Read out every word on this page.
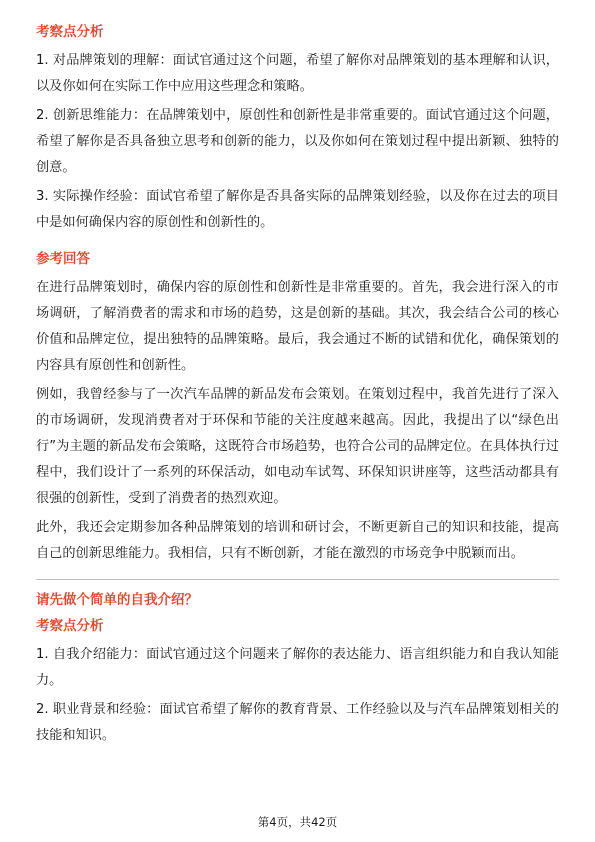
考察点分析
1. 对品牌策划的理解：面试官通过这个问题，希望了解你对品牌策划的基本理解和认识，以及你如何在实际工作中应用这些理念和策略。
2. 创新思维能力：在品牌策划中，原创性和创新性是非常重要的。面试官通过这个问题，希望了解你是否具备独立思考和创新的能力，以及你如何在策划过程中提出新颖、独特的创意。
3. 实际操作经验：面试官希望了解你是否具备实际的品牌策划经验，以及你在过去的项目中是如何确保内容的原创性和创新性的。
参考回答
在进行品牌策划时，确保内容的原创性和创新性是非常重要的。首先，我会进行深入的市场调研，了解消费者的需求和市场的趋势，这是创新的基础。其次，我会结合公司的核心价值和品牌定位，提出独特的品牌策略。最后，我会通过不断的试错和优化，确保策划的内容具有原创性和创新性。
例如，我曾经参与了一次汽车品牌的新品发布会策划。在策划过程中，我首先进行了深入的市场调研，发现消费者对于环保和节能的关注度越来越高。因此，我提出了以“绿色出行”为主题的新品发布会策略，这既符合市场趋势，也符合公司的品牌定位。在具体执行过程中，我们设计了一系列的环保活动，如电动车试驾、环保知识讲座等，这些活动都具有很强的创新性，受到了消费者的热烈欢迎。
此外，我还会定期参加各种品牌策划的培训和研讨会，不断更新自己的知识和技能，提高自己的创新思维能力。我相信，只有不断创新，才能在激烈的市场竞争中脱颖而出。
请先做个简单的自我介绍？
考察点分析
1. 自我介绍能力：面试官通过这个问题来了解你的表达能力、语言组织能力和自我认知能力。
2. 职业背景和经验：面试官希望了解你的教育背景、工作经验以及与汽车品牌策划相关的技能和知识。
第4页，共42页
